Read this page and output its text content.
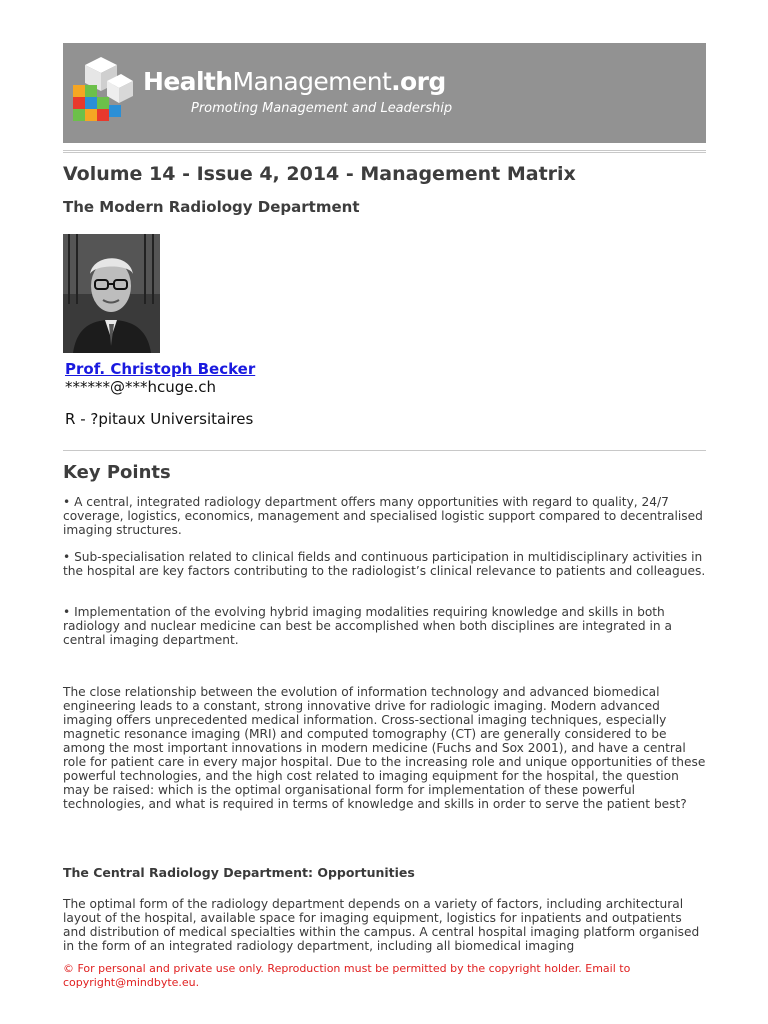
HealthManagement.org
Promoting Management and Leadership
Volume 14 - Issue 4, 2014 - Management Matrix
The Modern Radiology Department
Prof. Christoph Becker
******@***hcuge.ch
R - ?pitaux Universitaires
Key Points

• A central, integrated radiology department offers many opportunities with regard to quality, 24/7 coverage, logistics, economics, management and specialised logistic support compared to decentralised imaging structures.

• Sub-specialisation related to clinical fields and continuous participation in multidisciplinary activities in the hospital are key factors contributing to the radiologist’s clinical relevance to patients and colleagues.

• Implementation of the evolving hybrid imaging modalities requiring knowledge and skills in both radiology and nuclear medicine can best be accomplished when both disciplines are integrated in a central imaging department.

The close relationship between the evolution of information technology and advanced biomedical engineering leads to a constant, strong innovative drive for radiologic imaging. Modern advanced imaging offers unprecedented medical information. Cross-sectional imaging techniques, especially magnetic resonance imaging (MRI) and computed tomography (CT) are generally considered to be among the most important innovations in modern medicine (Fuchs and Sox 2001), and have a central role for patient care in every major hospital. Due to the increasing role and unique opportunities of these powerful technologies, and the high cost related to imaging equipment for the hospital, the question may be raised: which is the optimal organisational form for implementation of these powerful technologies, and what is required in terms of knowledge and skills in order to serve the patient best?

The Central Radiology Department: Opportunities

The optimal form of the radiology department depends on a variety of factors, including architectural layout of the hospital, available space for imaging equipment, logistics for inpatients and outpatients and distribution of medical specialties within the campus. A central hospital imaging platform organised in the form of an integrated radiology department, including all biomedical imaging

© For personal and private use only. Reproduction must be permitted by the copyright holder. Email to copyright@mindbyte.eu.
